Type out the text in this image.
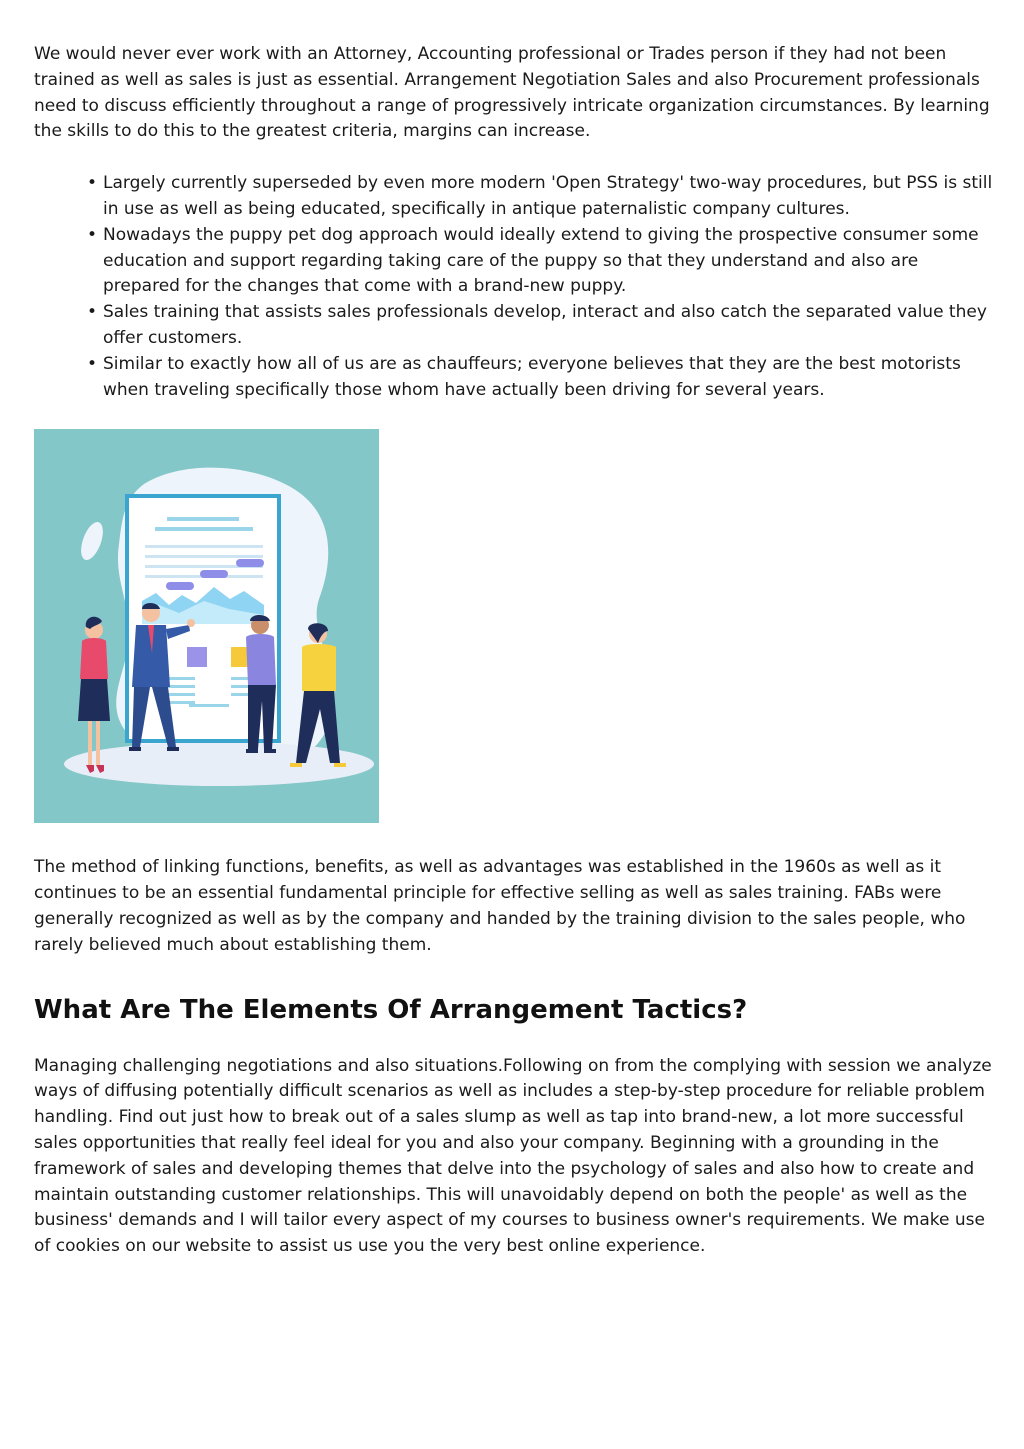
We would never ever work with an Attorney, Accounting professional or Trades person if they had not been trained as well as sales is just as essential. Arrangement Negotiation Sales and also Procurement professionals need to discuss efficiently throughout a range of progressively intricate organization circumstances. By learning the skills to do this to the greatest criteria, margins can increase.

• Largely currently superseded by even more modern 'Open Strategy' two-way procedures, but PSS is still in use as well as being educated, specifically in antique paternalistic company cultures.
• Nowadays the puppy pet dog approach would ideally extend to giving the prospective consumer some education and support regarding taking care of the puppy so that they understand and also are prepared for the changes that come with a brand-new puppy.
• Sales training that assists sales professionals develop, interact and also catch the separated value they offer customers.
• Similar to exactly how all of us are as chauffeurs; everyone believes that they are the best motorists when traveling specifically those whom have actually been driving for several years.

The method of linking functions, benefits, as well as advantages was established in the 1960s as well as it continues to be an essential fundamental principle for effective selling as well as sales training. FABs were generally recognized as well as by the company and handed by the training division to the sales people, who rarely believed much about establishing them.

What Are The Elements Of Arrangement Tactics?

Managing challenging negotiations and also situations.Following on from the complying with session we analyze ways of diffusing potentially difficult scenarios as well as includes a step-by-step procedure for reliable problem handling. Find out just how to break out of a sales slump as well as tap into brand-new, a lot more successful sales opportunities that really feel ideal for you and also your company. Beginning with a grounding in the framework of sales and developing themes that delve into the psychology of sales and also how to create and maintain outstanding customer relationships. This will unavoidably depend on both the people' as well as the business' demands and I will tailor every aspect of my courses to business owner's requirements. We make use of cookies on our website to assist us use you the very best online experience.
